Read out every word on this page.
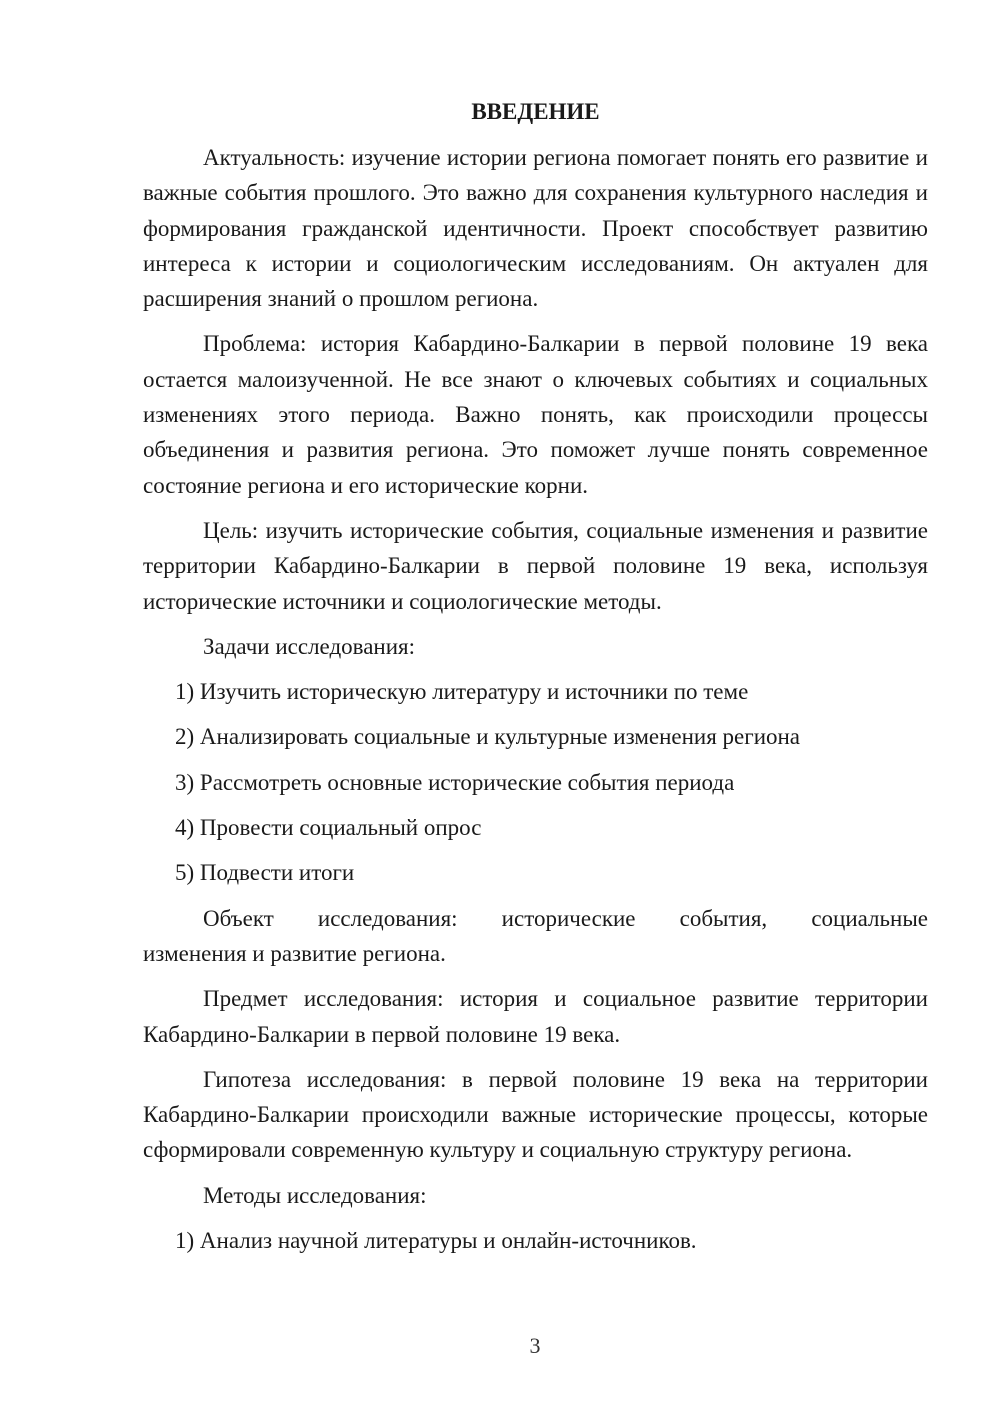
ВВЕДЕНИЕ

Актуальность: изучение истории региона помогает понять его развитие и важные события прошлого. Это важно для сохранения культурного наследия и формирования гражданской идентичности. Проект способствует развитию интереса к истории и социологическим исследованиям. Он актуален для расширения знаний о прошлом региона.

Проблема: история Кабардино-Балкарии в первой половине 19 века остается малоизученной. Не все знают о ключевых событиях и социальных изменениях этого периода. Важно понять, как происходили процессы объединения и развития региона. Это поможет лучше понять современное состояние региона и его исторические корни.

Цель: изучить исторические события, социальные изменения и развитие территории Кабардино-Балкарии в первой половине 19 века, используя исторические источники и социологические методы.

Задачи исследования:

1) Изучить историческую литературу и источники по теме

2) Анализировать социальные и культурные изменения региона

3) Рассмотреть основные исторические события периода

4) Провести социальный опрос

5) Подвести итоги

Объект исследования: исторические события, социальные
изменения и развитие региона.

Предмет исследования: история и социальное развитие территории Кабардино-Балкарии в первой половине 19 века.

Гипотеза исследования: в первой половине 19 века на территории Кабардино-Балкарии происходили важные исторические процессы, которые сформировали современную культуру и социальную структуру региона.

Методы исследования:

1) Анализ научной литературы и онлайн-источников.

3
